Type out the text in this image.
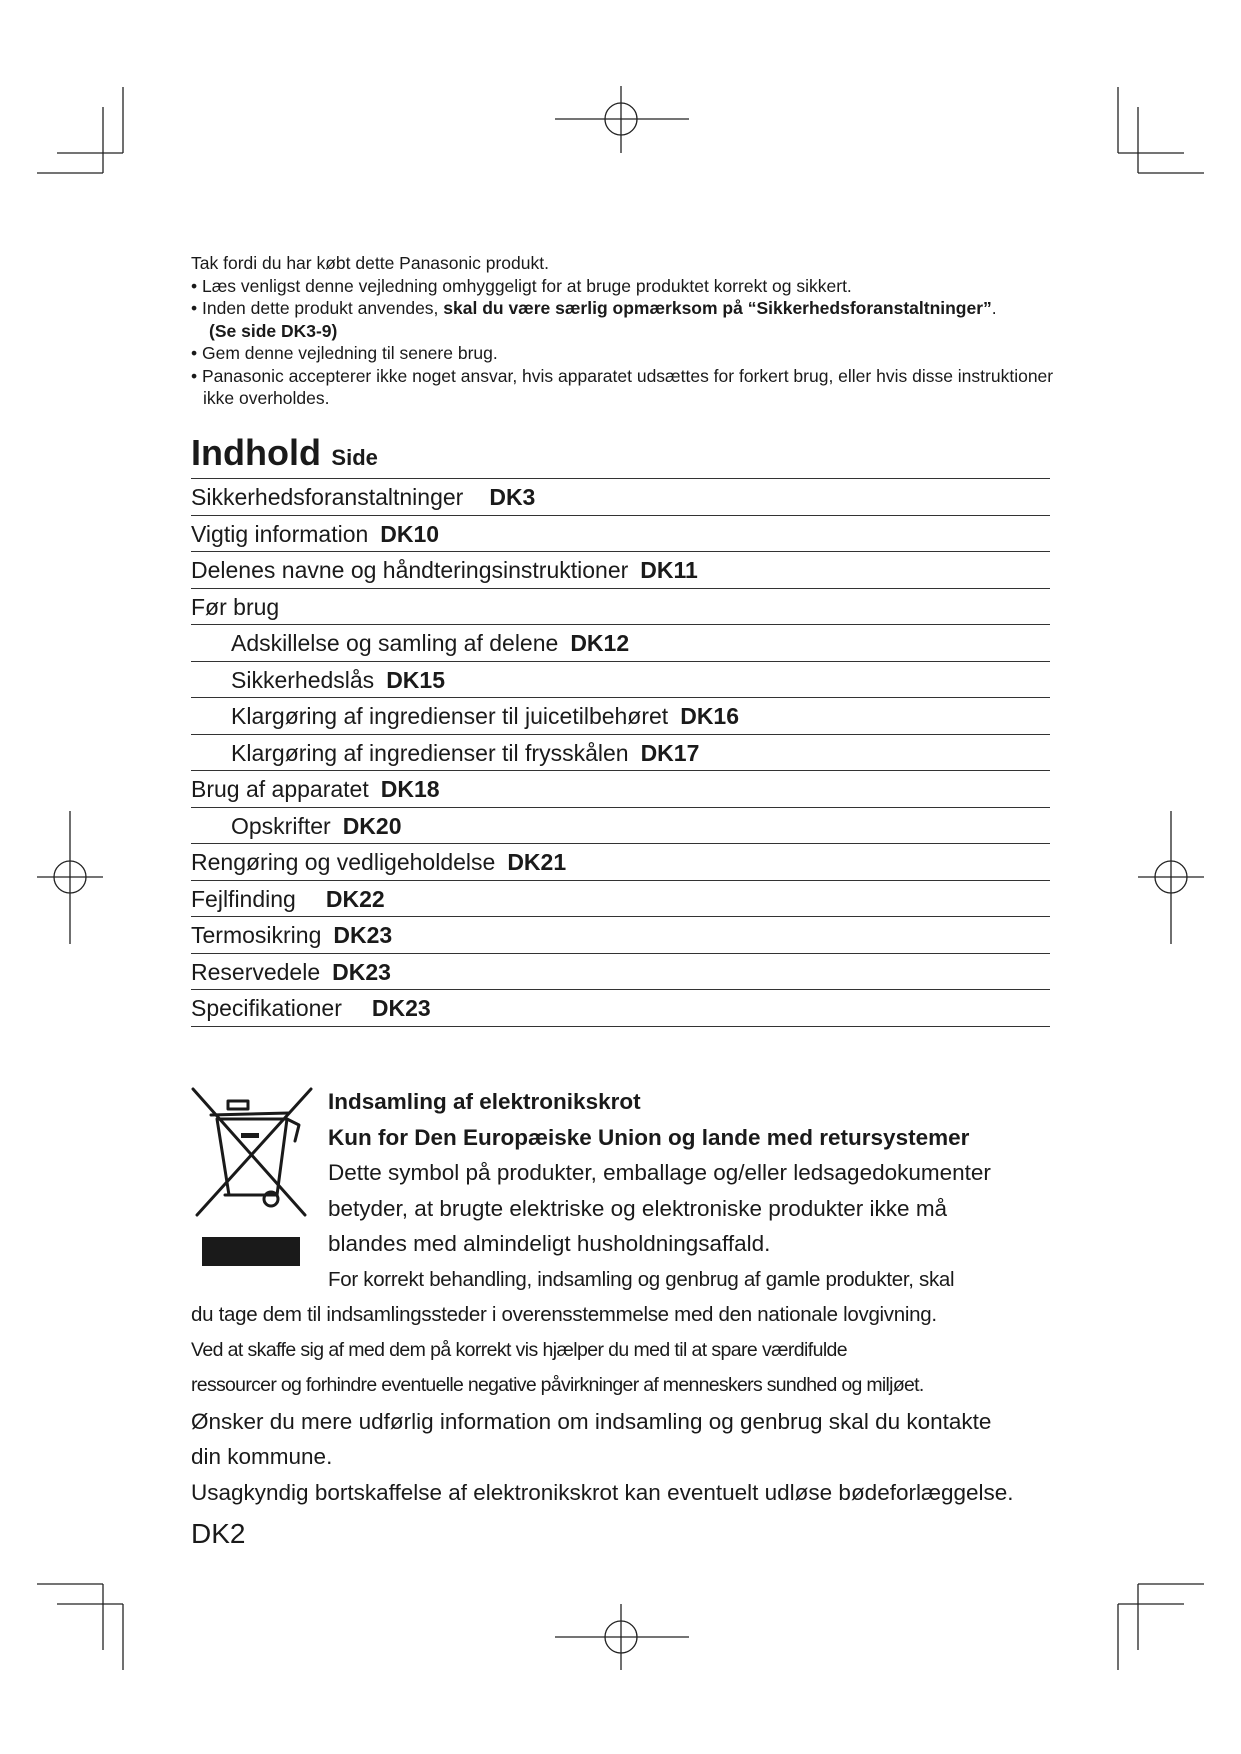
Tak fordi du har købt dette Panasonic produkt.

• Læs venligst denne vejledning omhyggeligt for at bruge produktet korrekt og sikkert.

• Inden dette produkt anvendes, skal du være særlig opmærksom på “Sikkerhedsforanstaltninger”.

(Se side DK3-9)

• Gem denne vejledning til senere brug.

• Panasonic accepterer ikke noget ansvar, hvis apparatet udsættes for forkert brug, eller hvis disse instruktioner ikke overholdes.

Indhold Side
Sikkerhedsforanstaltninger DK3
Vigtig information DK10
Delenes navne og håndteringsinstruktioner DK11
Før brug
Adskillelse og samling af delene DK12
Sikkerhedslås DK15
Klargøring af ingredienser til juicetilbehøret DK16
Klargøring af ingredienser til frysskålen DK17
Brug af apparatet DK18
Opskrifter DK20
Rengøring og vedligeholdelse DK21
Fejlfinding DK22
Termosikring DK23
Reservedele DK23
Specifikationer DK23

Indsamling af elektronikskrot

Kun for Den Europæiske Union og lande med retursystemer

Dette symbol på produkter, emballage og/eller ledsagedokumenter

betyder, at brugte elektriske og elektroniske produkter ikke må

blandes med almindeligt husholdningsaffald.

For korrekt behandling, indsamling og genbrug af gamle produkter, skal

du tage dem til indsamlingssteder i overensstemmelse med den nationale lovgivning.

Ved at skaffe sig af med dem på korrekt vis hjælper du med til at spare værdifulde

ressourcer og forhindre eventuelle negative påvirkninger af menneskers sundhed og miljøet.

Ønsker du mere udførlig information om indsamling og genbrug skal du kontakte

din kommune.

Usagkyndig bortskaffelse af elektronikskrot kan eventuelt udløse bødeforlæggelse.

DK2
